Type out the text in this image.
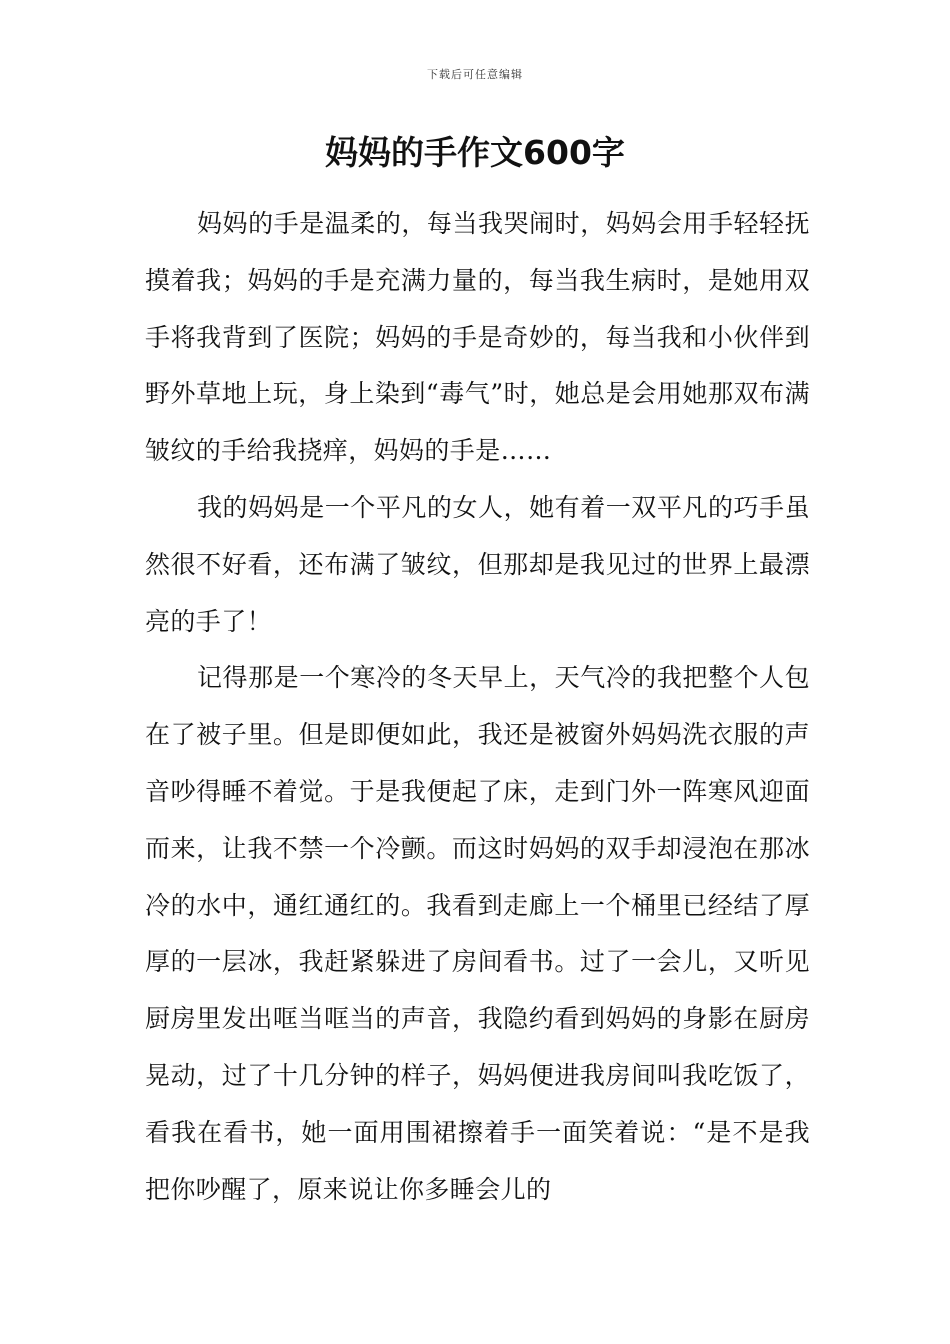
下载后可任意编辑
妈妈的手作文600字

妈妈的手是温柔的，每当我哭闹时，妈妈会用手轻轻抚摸着我；妈妈的手是充满力量的，每当我生病时，是她用双手将我背到了医院；妈妈的手是奇妙的，每当我和小伙伴到野外草地上玩，身上染到“毒气”时，她总是会用她那双布满皱纹的手给我挠痒，妈妈的手是……

我的妈妈是一个平凡的女人，她有着一双平凡的巧手虽然很不好看，还布满了皱纹，但那却是我见过的世界上最漂亮的手了！

记得那是一个寒冷的冬天早上，天气冷的我把整个人包在了被子里。但是即便如此，我还是被窗外妈妈洗衣服的声音吵得睡不着觉。于是我便起了床，走到门外一阵寒风迎面而来，让我不禁一个冷颤。而这时妈妈的双手却浸泡在那冰冷的水中，通红通红的。我看到走廊上一个桶里已经结了厚厚的一层冰，我赶紧躲进了房间看书。过了一会儿，又听见厨房里发出哐当哐当的声音，我隐约看到妈妈的身影在厨房晃动，过了十几分钟的样子，妈妈便进我房间叫我吃饭了，看我在看书，她一面用围裙擦着手一面笑着说：“是不是我把你吵醒了，原来说让你多睡会儿的
